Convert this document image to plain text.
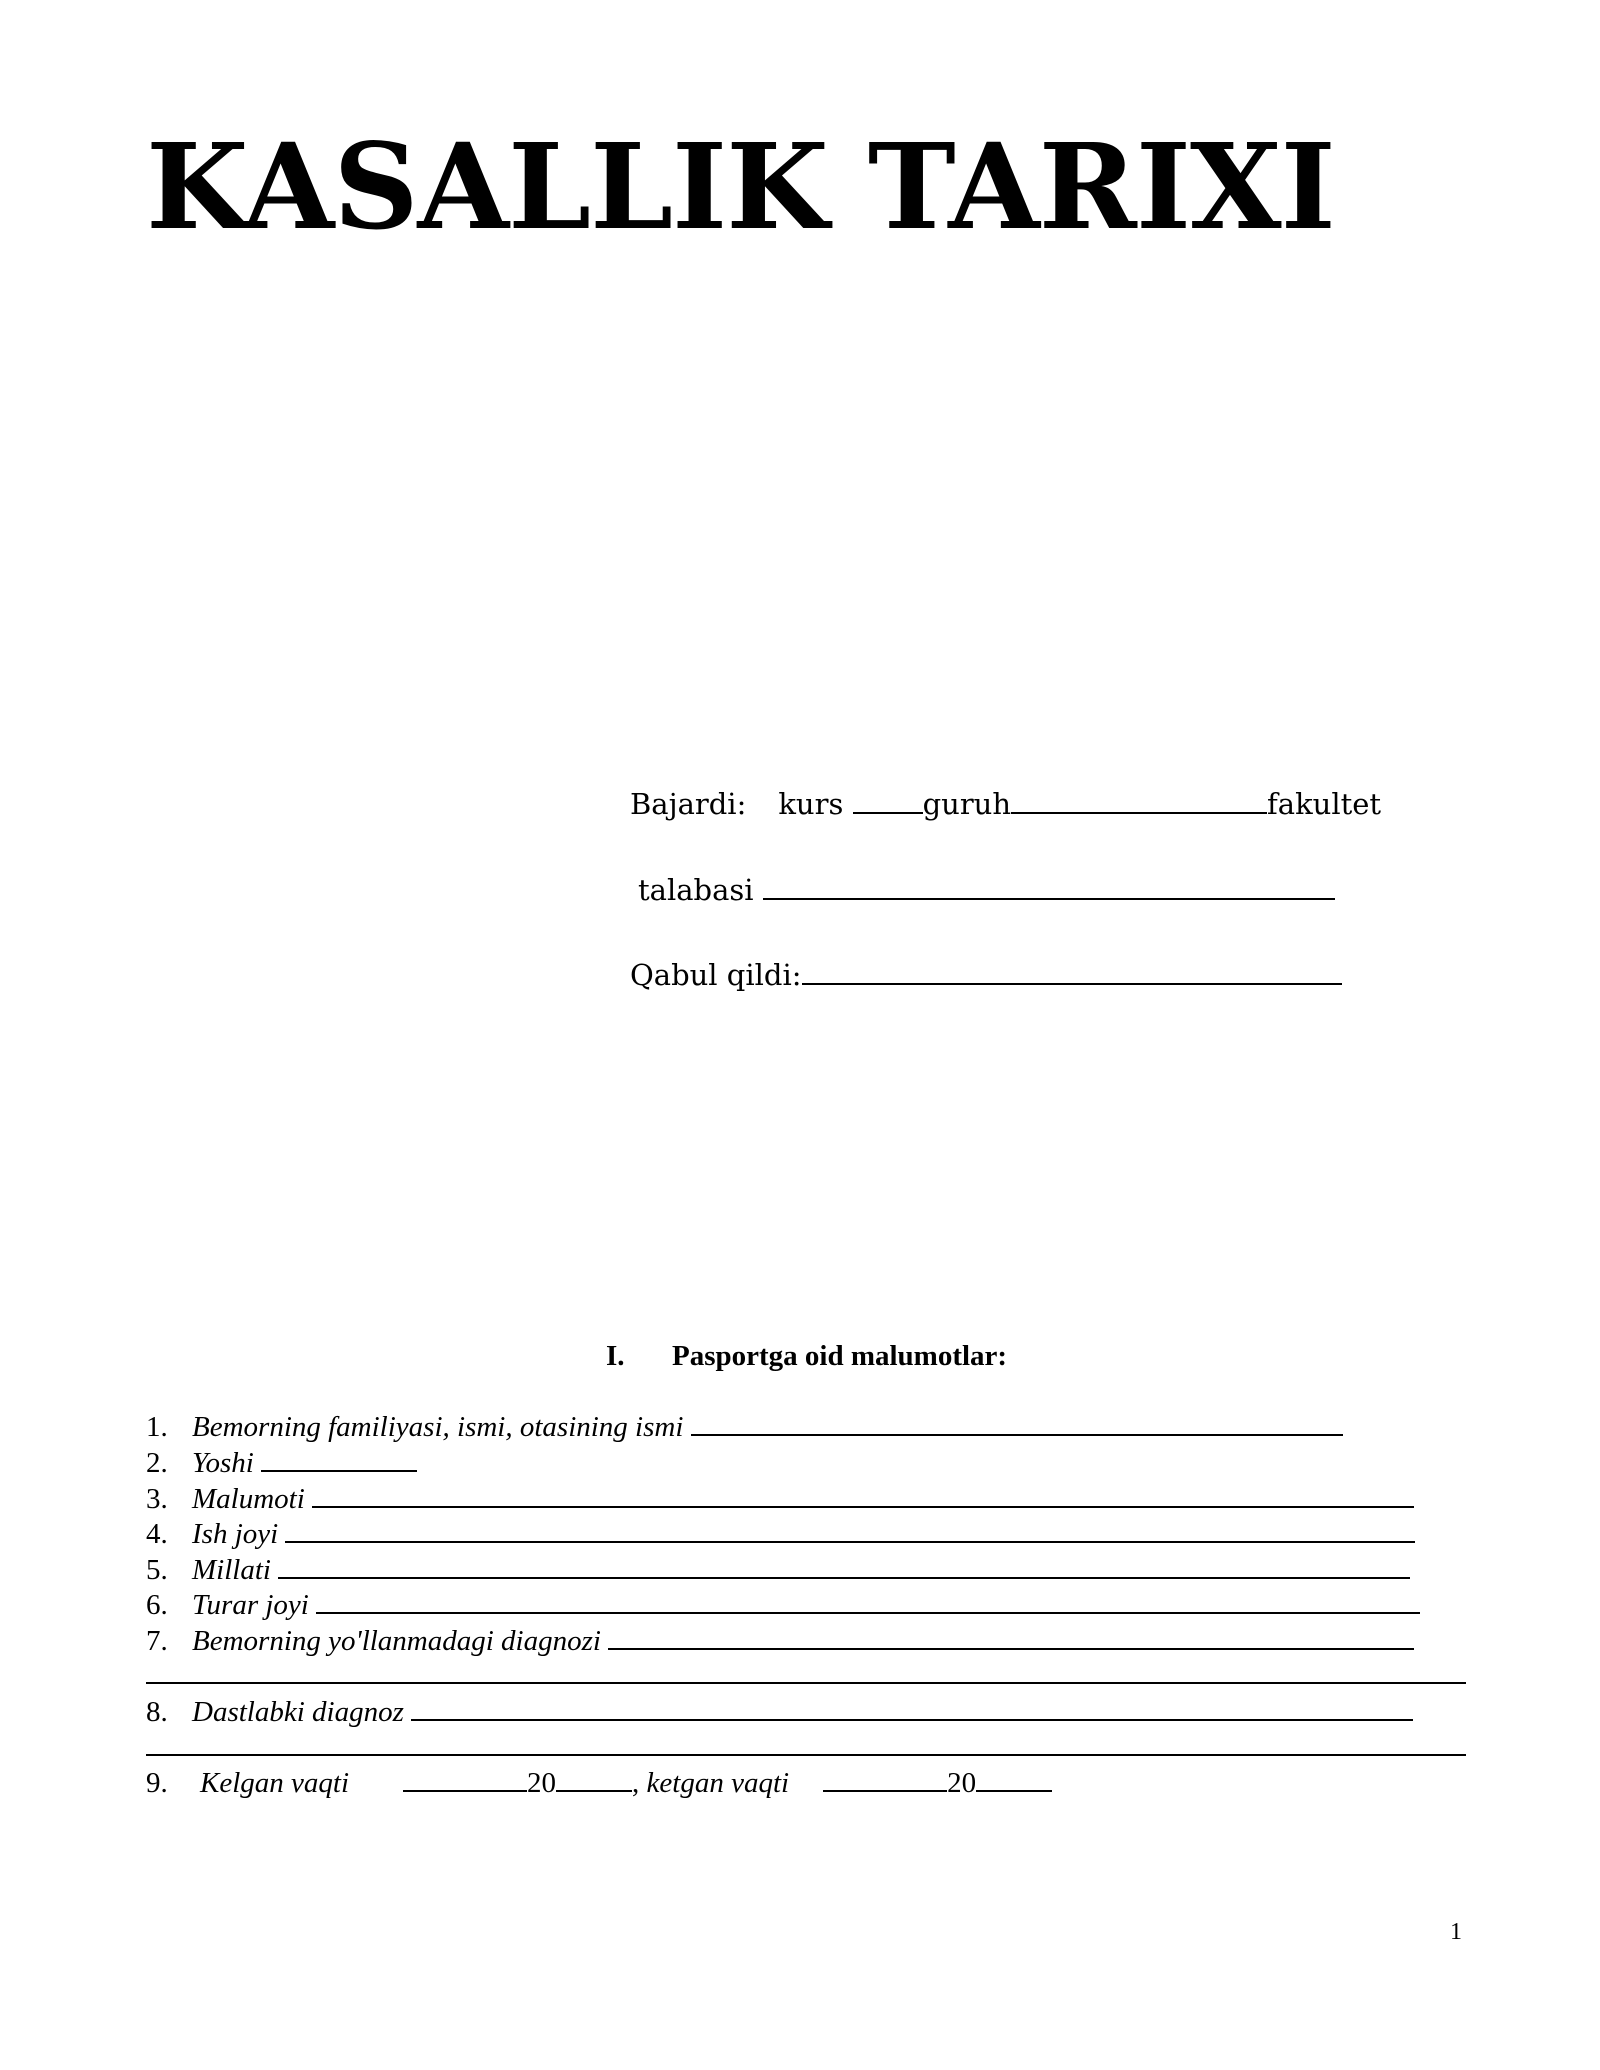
KASALLIK TARIXI
Bajardi: kurs	guruh	fakultet
talabasi
Qabul qildi:
I. Pasportga oid malumotlar:
1. Bemorning familiyasi, ismi, otasining ismi
2. Yoshi
3. Malumoti
4. Ish joyi
5. Millati
6. Turar joyi
7. Bemorning yo'llanmadagi diagnozi
8. Dastlabki diagnoz
9. Kelgan vaqti	20	, ketgan vaqti	20
1
